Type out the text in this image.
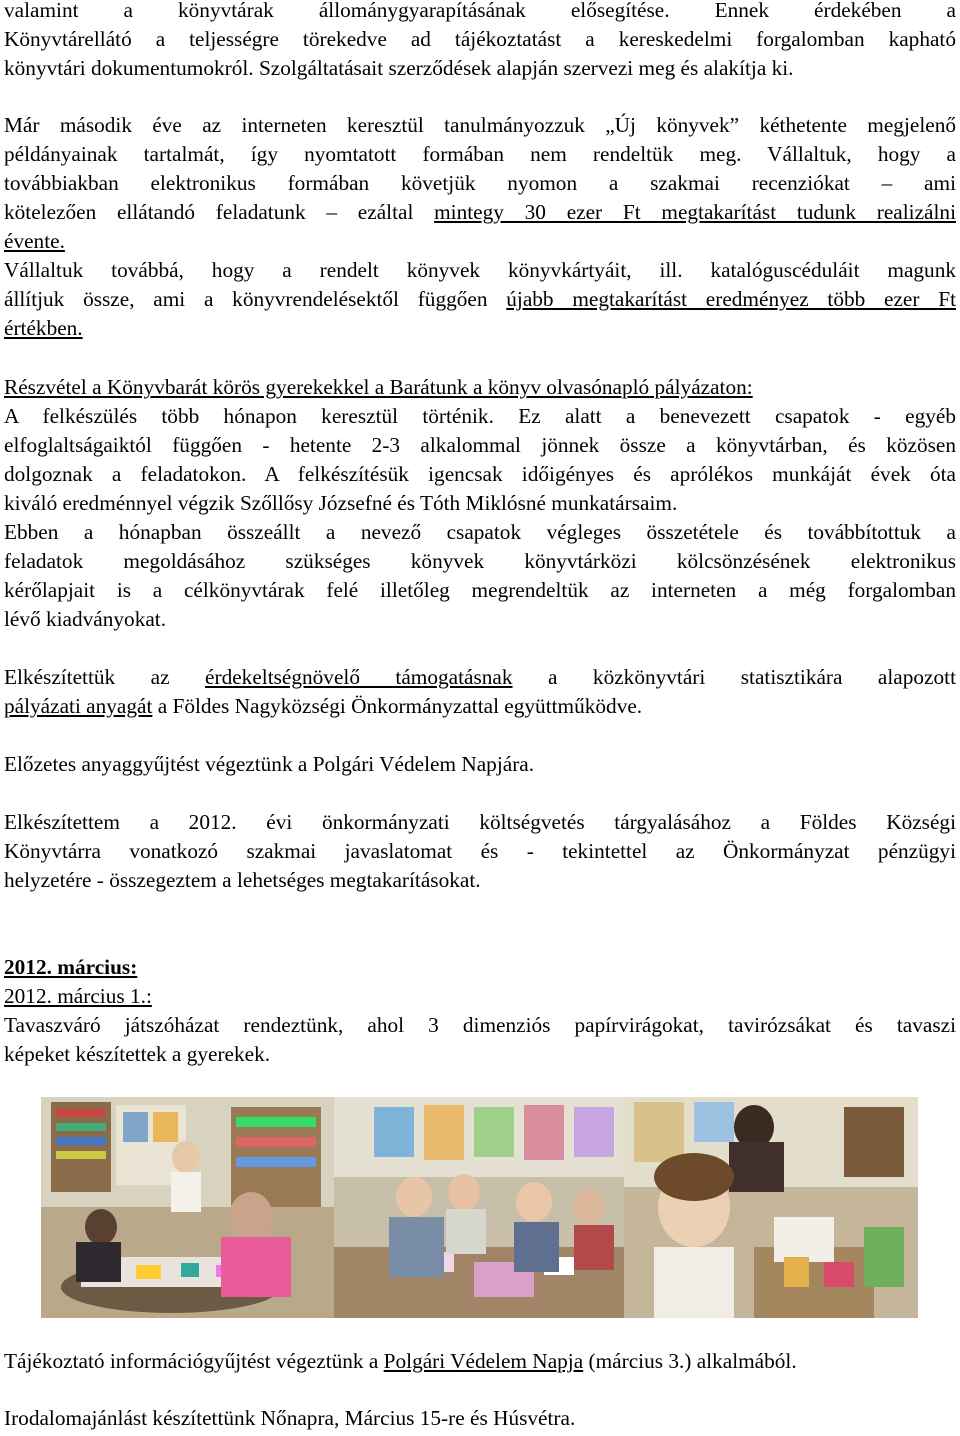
valamint a könyvtárak állománygyarapításának elősegítése. Ennek érdekében a
Könyvtárellátó a teljességre törekedve ad tájékoztatást a kereskedelmi forgalomban kapható
könyvtári dokumentumokról. Szolgáltatásait szerződések alapján szervezi meg és alakítja ki.
Már második éve az interneten keresztül tanulmányozzuk „Új könyvek” kéthetente megjelenő
példányainak tartalmát, így nyomtatott formában nem rendeltük meg. Vállaltuk, hogy a
továbbiakban elektronikus formában követjük nyomon a szakmai recenziókat – ami
kötelezően ellátandó feladatunk – ezáltal mintegy 30 ezer Ft megtakarítást tudunk realizálni
évente.
Vállaltuk továbbá, hogy a rendelt könyvek könyvkártyáit, ill. katalóguscéduláit magunk
állítjuk össze, ami a könyvrendelésektől függően újabb megtakarítást eredményez több ezer Ft
értékben.
Részvétel a Könyvbarát körös gyerekekkel a Barátunk a könyv olvasónapló pályázaton:
A felkészülés több hónapon keresztül történik. Ez alatt a benevezett csapatok - egyéb
elfoglaltságaiktól függően - hetente 2-3 alkalommal jönnek össze a könyvtárban, és közösen
dolgoznak a feladatokon. A felkészítésük igencsak időigényes és aprólékos munkáját évek óta
kiváló eredménnyel végzik Szőllősy Józsefné és Tóth Miklósné munkatársaim.
Ebben a hónapban összeállt a nevező csapatok végleges összetétele és továbbítottuk a
feladatok megoldásához szükséges könyvek könyvtárközi kölcsönzésének elektronikus
kérőlapjait is a célkönyvtárak felé illetőleg megrendeltük az interneten a még forgalomban
lévő kiadványokat.
Elkészítettük az érdekeltségnövelő támogatásnak a közkönyvtári statisztikára alapozott
pályázati anyagát a Földes Nagyközségi Önkormányzattal együttműködve.
Előzetes anyaggyűjtést végeztünk a Polgári Védelem Napjára.
Elkészítettem a 2012. évi önkormányzati költségvetés tárgyalásához a Földes Községi
Könyvtárra vonatkozó szakmai javaslatomat és - tekintettel az Önkormányzat pénzügyi
helyzetére - összegeztem a lehetséges megtakarításokat.
2012. március:
2012. március 1.:
Tavaszváró játszóházat rendeztünk, ahol 3 dimenziós papírvirágokat, tavirózsákat és tavaszi
képeket készítettek a gyerekek.
Tájékoztató információgyűjtést végeztünk a Polgári Védelem Napja (március 3.) alkalmából.
Irodalomajánlást készítettünk Nőnapra, Március 15-re és Húsvétra.
